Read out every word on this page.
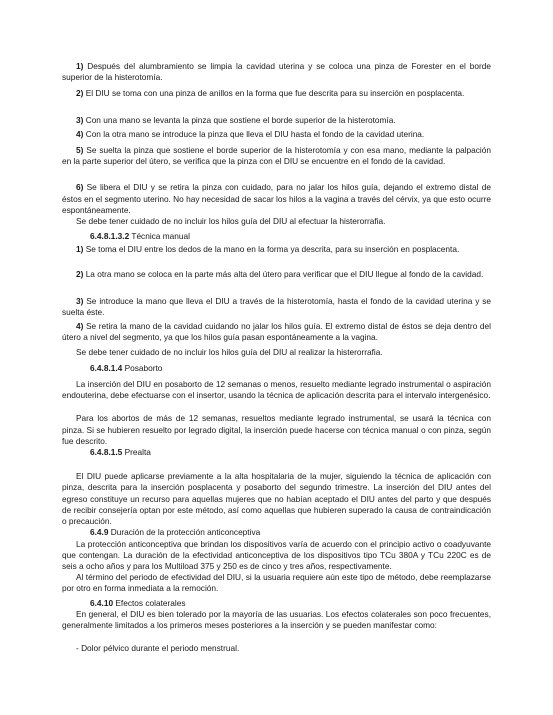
1) Después del alumbramiento se limpia la cavidad uterina y se coloca una pinza de Forester en el borde superior de la histerotomía.

2) El DIU se toma con una pinza de anillos en la forma que fue descrita para su inserción en posplacenta.

3) Con una mano se levanta la pinza que sostiene el borde superior de la histerotomía.

4) Con la otra mano se introduce la pinza que lleva el DIU hasta el fondo de la cavidad uterina.

5) Se suelta la pinza que sostiene el borde superior de la histerotomía y con esa mano, mediante la palpación en la parte superior del útero, se verifica que la pinza con el DIU se encuentre en el fondo de la cavidad.

6) Se libera el DIU y se retira la pinza con cuidado, para no jalar los hilos guía, dejando el extremo distal de éstos en el segmento uterino. No hay necesidad de sacar los hilos a la vagina a través del cérvix, ya que esto ocurre espontáneamente.

Se debe tener cuidado de no incluir los hilos guía del DIU al efectuar la histerorrafia.

6.4.8.1.3.2 Técnica manual

1) Se toma el DIU entre los dedos de la mano en la forma ya descrita, para su inserción en posplacenta.

2) La otra mano se coloca en la parte más alta del útero para verificar que el DIU llegue al fondo de la cavidad.

3) Se introduce la mano que lleva el DIU a través de la histerotomía, hasta el fondo de la cavidad uterina y se suelta éste.

4) Se retira la mano de la cavidad cuidando no jalar los hilos guía. El extremo distal de éstos se deja dentro del útero a nivel del segmento, ya que los hilos guía pasan espontáneamente a la vagina.

Se debe tener cuidado de no incluir los hilos guía del DIU al realizar la histerorrafia.

6.4.8.1.4 Posaborto

La inserción del DIU en posaborto de 12 semanas o menos, resuelto mediante legrado instrumental o aspiración endouterina, debe efectuarse con el insertor, usando la técnica de aplicación descrita para el intervalo intergenésico.

Para los abortos de más de 12 semanas, resueltos mediante legrado instrumental, se usará la técnica con pinza. Si se hubieren resuelto por legrado digital, la inserción puede hacerse con técnica manual o con pinza, según fue descrito.

6.4.8.1.5 Prealta

El DIU puede aplicarse previamente a la alta hospitalaria de la mujer, siguiendo la técnica de aplicación con pinza, descrita para la inserción posplacenta y posaborto del segundo trimestre. La inserción del DIU antes del egreso constituye un recurso para aquellas mujeres que no habían aceptado el DIU antes del parto y que después de recibir consejería optan por este método, así como aquellas que hubieren superado la causa de contraindicación o precaución.

6.4.9 Duración de la protección anticonceptiva

La protección anticonceptiva que brindan los dispositivos varía de acuerdo con el principio activo o coadyuvante que contengan. La duración de la efectividad anticonceptiva de los dispositivos tipo TCu 380A y TCu 220C es de seis a ocho años y para los Multiload 375 y 250 es de cinco y tres años, respectivamente.

Al término del periodo de efectividad del DIU, si la usuaria requiere aún este tipo de método, debe reemplazarse por otro en forma inmediata a la remoción.

6.4.10 Efectos colaterales

En general, el DIU es bien tolerado por la mayoría de las usuarias. Los efectos colaterales son poco frecuentes, generalmente limitados a los primeros meses posteriores a la inserción y se pueden manifestar como:

- Dolor pélvico durante el periodo menstrual.
